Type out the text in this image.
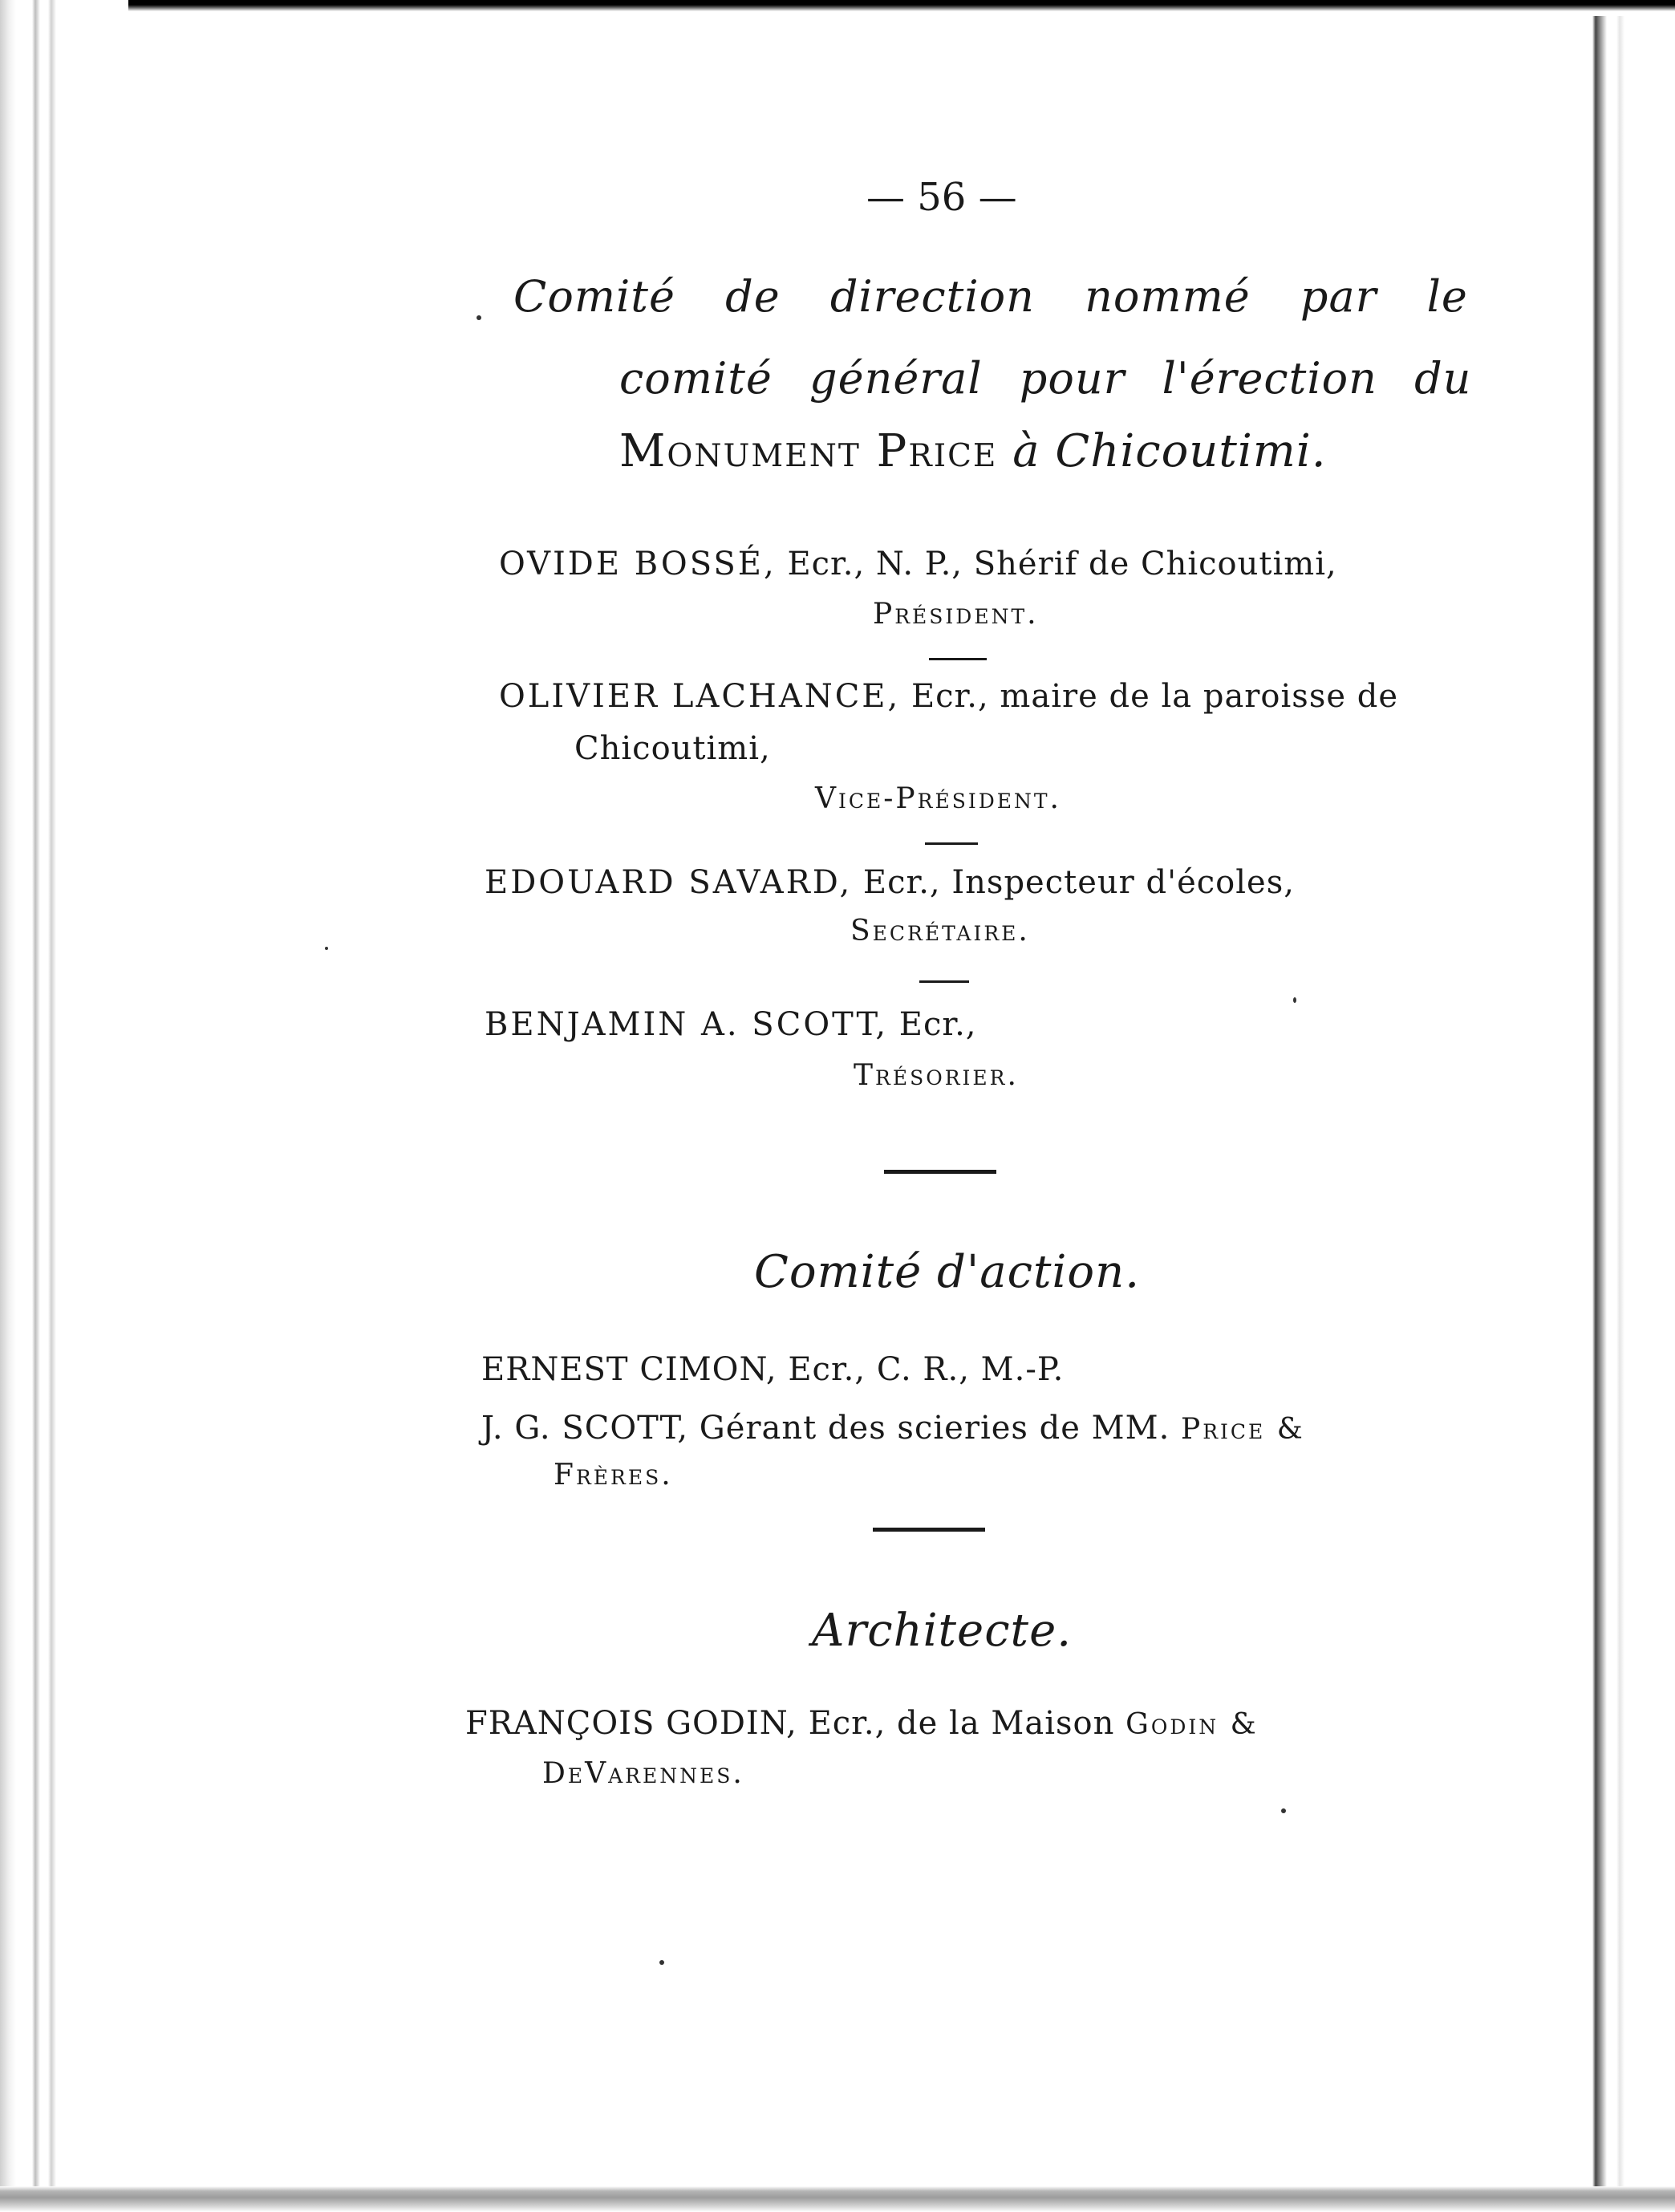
— 56 —
Comité de direction nommé par le
comité général pour l'érection du
Monument Price à Chicoutimi.
OVIDE BOSSÉ, Ecr., N. P., Shérif de Chicoutimi,
Président.
OLIVIER LACHANCE, Ecr., maire de la paroisse de
Chicoutimi,
Vice-Président.
EDOUARD SAVARD, Ecr., Inspecteur d'écoles,
Secrétaire.
BENJAMIN A. SCOTT, Ecr.,
Trésorier.
Comité d'action.
ERNEST CIMON, Ecr., C. R., M.-P.
J. G. SCOTT, Gérant des scieries de MM. Price &
Frères.
Architecte.
FRANÇOIS GODIN, Ecr., de la Maison Godin &
DeVarennes.
